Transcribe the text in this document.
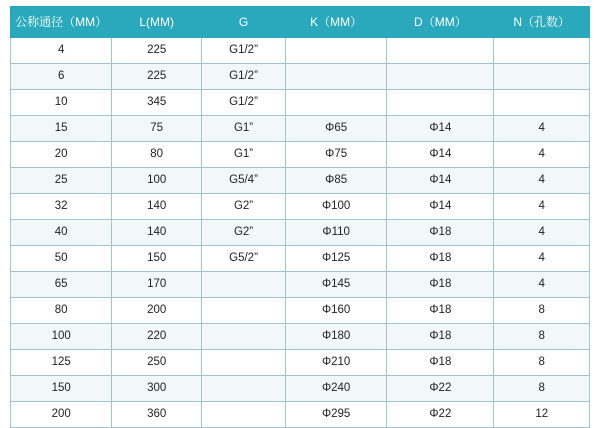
公称通径（MM）	L(MM)	G	K（MM）	D（MM）	N（孔数）
4	225	G1/2”			
6	225	G1/2”			
10	345	G1/2”			
15	75	G1”	Φ65	Φ14	4
20	80	G1”	Φ75	Φ14	4
25	100	G5/4”	Φ85	Φ14	4
32	140	G2”	Φ100	Φ14	4
40	140	G2”	Φ110	Φ18	4
50	150	G5/2”	Φ125	Φ18	4
65	170		Φ145	Φ18	4
80	200		Φ160	Φ18	8
100	220		Φ180	Φ18	8
125	250		Φ210	Φ18	8
150	300		Φ240	Φ22	8
200	360		Φ295	Φ22	12
